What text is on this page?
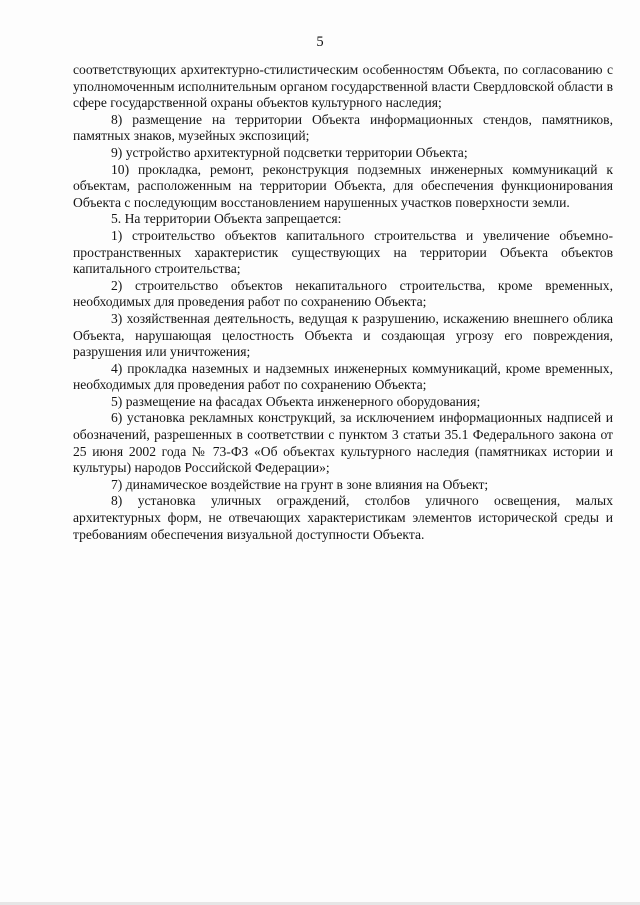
5

соответствующих архитектурно-стилистическим особенностям Объекта, по согласованию с уполномоченным исполнительным органом государственной власти Свердловской области в сфере государственной охраны объектов культурного наследия;

8) размещение на территории Объекта информационных стендов, памятников, памятных знаков, музейных экспозиций;

9) устройство архитектурной подсветки территории Объекта;

10) прокладка, ремонт, реконструкция подземных инженерных коммуникаций к объектам, расположенным на территории Объекта, для обеспечения функционирования Объекта с последующим восстановлением нарушенных участков поверхности земли.

5. На территории Объекта запрещается:

1) строительство объектов капитального строительства и увеличение объемно-пространственных характеристик существующих на территории Объекта объектов капитального строительства;

2) строительство объектов некапитального строительства, кроме временных, необходимых для проведения работ по сохранению Объекта;

3) хозяйственная деятельность, ведущая к разрушению, искажению внешнего облика Объекта, нарушающая целостность Объекта и создающая угрозу его повреждения, разрушения или уничтожения;

4) прокладка наземных и надземных инженерных коммуникаций, кроме временных, необходимых для проведения работ по сохранению Объекта;

5) размещение на фасадах Объекта инженерного оборудования;

6) установка рекламных конструкций, за исключением информационных надписей и обозначений, разрешенных в соответствии с пунктом 3 статьи 35.1 Федерального закона от 25 июня 2002 года № 73-ФЗ «Об объектах культурного наследия (памятниках истории и культуры) народов Российской Федерации»;

7) динамическое воздействие на грунт в зоне влияния на Объект;

8) установка уличных ограждений, столбов уличного освещения, малых архитектурных форм, не отвечающих характеристикам элементов исторической среды и требованиям обеспечения визуальной доступности Объекта.
